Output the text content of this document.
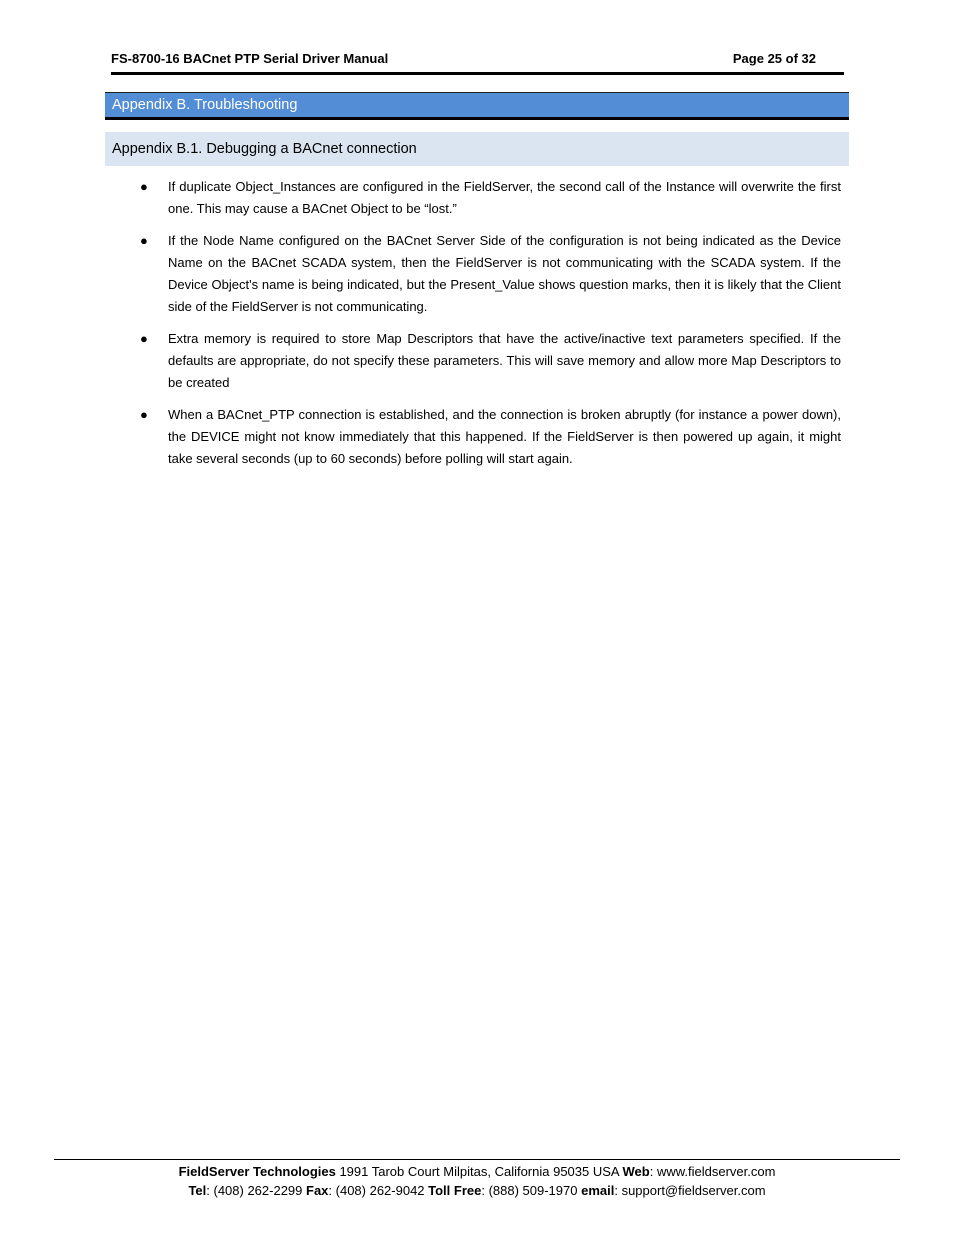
FS-8700-16 BACnet PTP Serial Driver Manual	Page 25 of 32
Appendix B. Troubleshooting
Appendix B.1. Debugging a BACnet connection
● If duplicate Object_Instances are configured in the FieldServer, the second call of the Instance will overwrite the first one. This may cause a BACnet Object to be “lost.”
● If the Node Name configured on the BACnet Server Side of the configuration is not being indicated as the Device Name on the BACnet SCADA system, then the FieldServer is not communicating with the SCADA system. If the Device Object's name is being indicated, but the Present_Value shows question marks, then it is likely that the Client side of the FieldServer is not communicating.
● Extra memory is required to store Map Descriptors that have the active/inactive text parameters specified. If the defaults are appropriate, do not specify these parameters. This will save memory and allow more Map Descriptors to be created
● When a BACnet_PTP connection is established, and the connection is broken abruptly (for instance a power down), the DEVICE might not know immediately that this happened. If the FieldServer is then powered up again, it might take several seconds (up to 60 seconds) before polling will start again.
FieldServer Technologies 1991 Tarob Court Milpitas, California 95035 USA Web: www.fieldserver.com
Tel: (408) 262-2299 Fax: (408) 262-9042 Toll Free: (888) 509-1970 email: support@fieldserver.com
